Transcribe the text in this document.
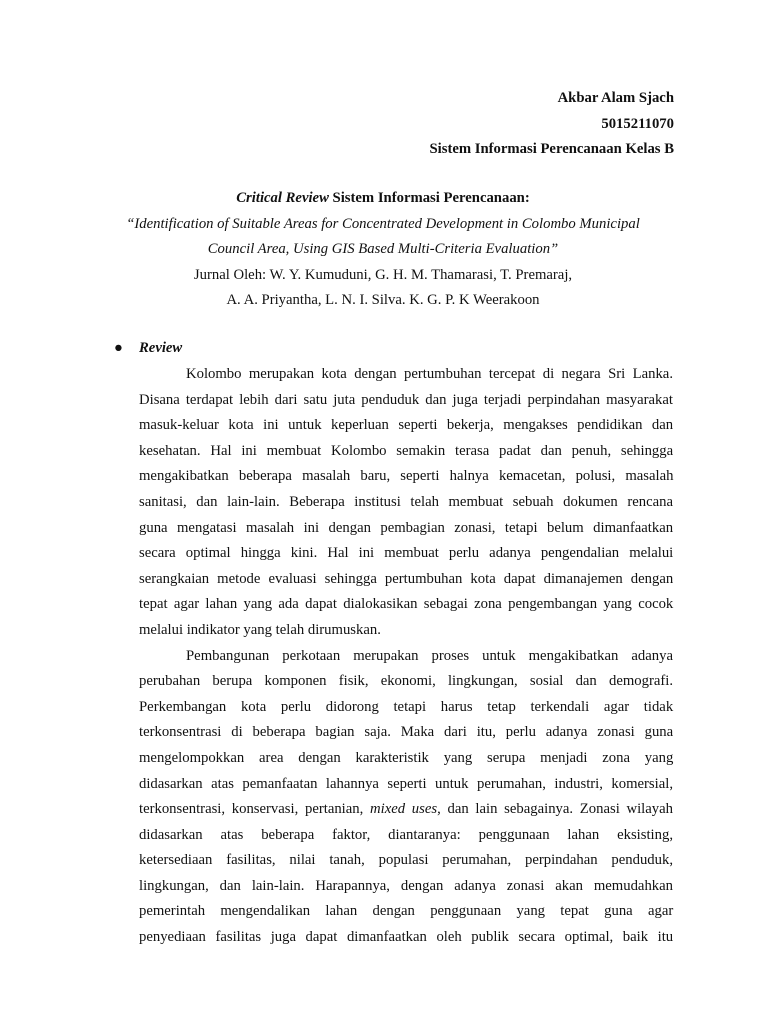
Akbar Alam Sjach
5015211070
Sistem Informasi Perencanaan Kelas B
Critical Review Sistem Informasi Perencanaan:
“Identification of Suitable Areas for Concentrated Development in Colombo Municipal
Council Area, Using GIS Based Multi-Criteria Evaluation”
Jurnal Oleh: W. Y. Kumuduni, G. H. M. Thamarasi, T. Premaraj,
A. A. Priyantha, L. N. I. Silva. K. G. P. K Weerakoon
● Review
Kolombo merupakan kota dengan pertumbuhan tercepat di negara Sri Lanka.
Disana terdapat lebih dari satu juta penduduk dan juga terjadi perpindahan masyarakat
masuk-keluar kota ini untuk keperluan seperti bekerja, mengakses pendidikan dan
kesehatan. Hal ini membuat Kolombo semakin terasa padat dan penuh, sehingga
mengakibatkan beberapa masalah baru, seperti halnya kemacetan, polusi, masalah
sanitasi, dan lain-lain. Beberapa institusi telah membuat sebuah dokumen rencana
guna mengatasi masalah ini dengan pembagian zonasi, tetapi belum dimanfaatkan
secara optimal hingga kini. Hal ini membuat perlu adanya pengendalian melalui
serangkaian metode evaluasi sehingga pertumbuhan kota dapat dimanajemen dengan
tepat agar lahan yang ada dapat dialokasikan sebagai zona pengembangan yang cocok
melalui indikator yang telah dirumuskan.
Pembangunan perkotaan merupakan proses untuk mengakibatkan adanya
perubahan berupa komponen fisik, ekonomi, lingkungan, sosial dan demografi.
Perkembangan kota perlu didorong tetapi harus tetap terkendali agar tidak
terkonsentrasi di beberapa bagian saja. Maka dari itu, perlu adanya zonasi guna
mengelompokkan area dengan karakteristik yang serupa menjadi zona yang
didasarkan atas pemanfaatan lahannya seperti untuk perumahan, industri, komersial,
terkonsentrasi, konservasi, pertanian, mixed uses, dan lain sebagainya. Zonasi wilayah
didasarkan atas beberapa faktor, diantaranya: penggunaan lahan eksisting,
ketersediaan fasilitas, nilai tanah, populasi perumahan, perpindahan penduduk,
lingkungan, dan lain-lain. Harapannya, dengan adanya zonasi akan memudahkan
pemerintah mengendalikan lahan dengan penggunaan yang tepat guna agar
penyediaan fasilitas juga dapat dimanfaatkan oleh publik secara optimal, baik itu
